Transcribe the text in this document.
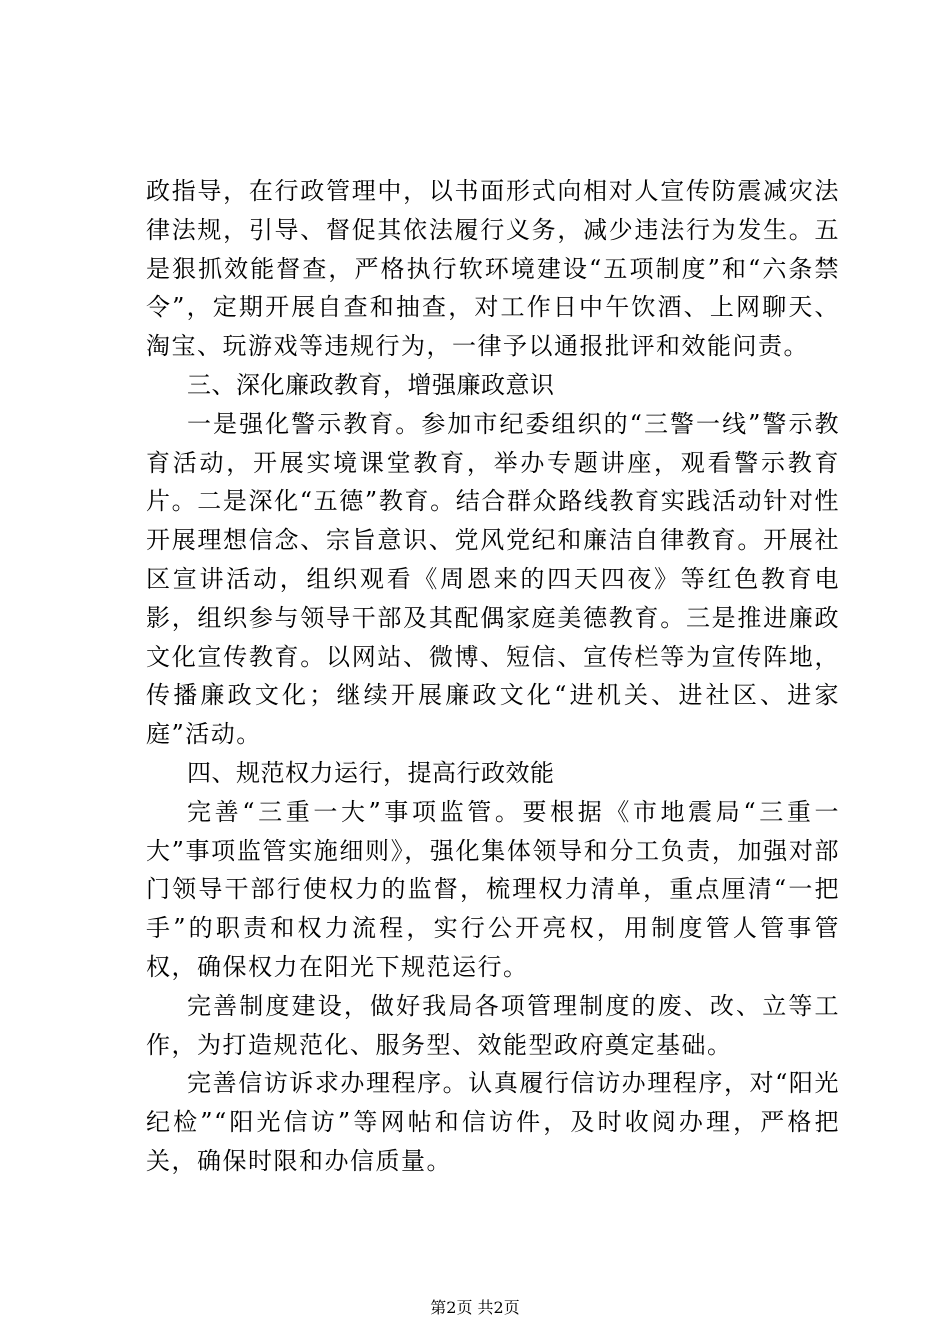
政指导，在行政管理中，以书面形式向相对人宣传防震减灾法律法规，引导、督促其依法履行义务，减少违法行为发生。五是狠抓效能督查，严格执行软环境建设“五项制度”和“六条禁令”，定期开展自查和抽查，对工作日中午饮酒、上网聊天、淘宝、玩游戏等违规行为，一律予以通报批评和效能问责。

三、深化廉政教育，增强廉政意识

一是强化警示教育。参加市纪委组织的“三警一线”警示教育活动，开展实境课堂教育，举办专题讲座，观看警示教育片。二是深化“五德”教育。结合群众路线教育实践活动针对性开展理想信念、宗旨意识、党风党纪和廉洁自律教育。开展社区宣讲活动，组织观看《周恩来的四天四夜》等红色教育电影，组织参与领导干部及其配偶家庭美德教育。三是推进廉政文化宣传教育。以网站、微博、短信、宣传栏等为宣传阵地，传播廉政文化；继续开展廉政文化“进机关、进社区、进家庭”活动。

四、规范权力运行，提高行政效能

完善“三重一大”事项监管。要根据《市地震局“三重一大”事项监管实施细则》，强化集体领导和分工负责，加强对部门领导干部行使权力的监督，梳理权力清单，重点厘清“一把手”的职责和权力流程，实行公开亮权，用制度管人管事管权，确保权力在阳光下规范运行。

完善制度建设，做好我局各项管理制度的废、改、立等工作，为打造规范化、服务型、效能型政府奠定基础。

完善信访诉求办理程序。认真履行信访办理程序，对“阳光纪检”“阳光信访”等网帖和信访件，及时收阅办理，严格把关，确保时限和办信质量。

第2页 共2页
